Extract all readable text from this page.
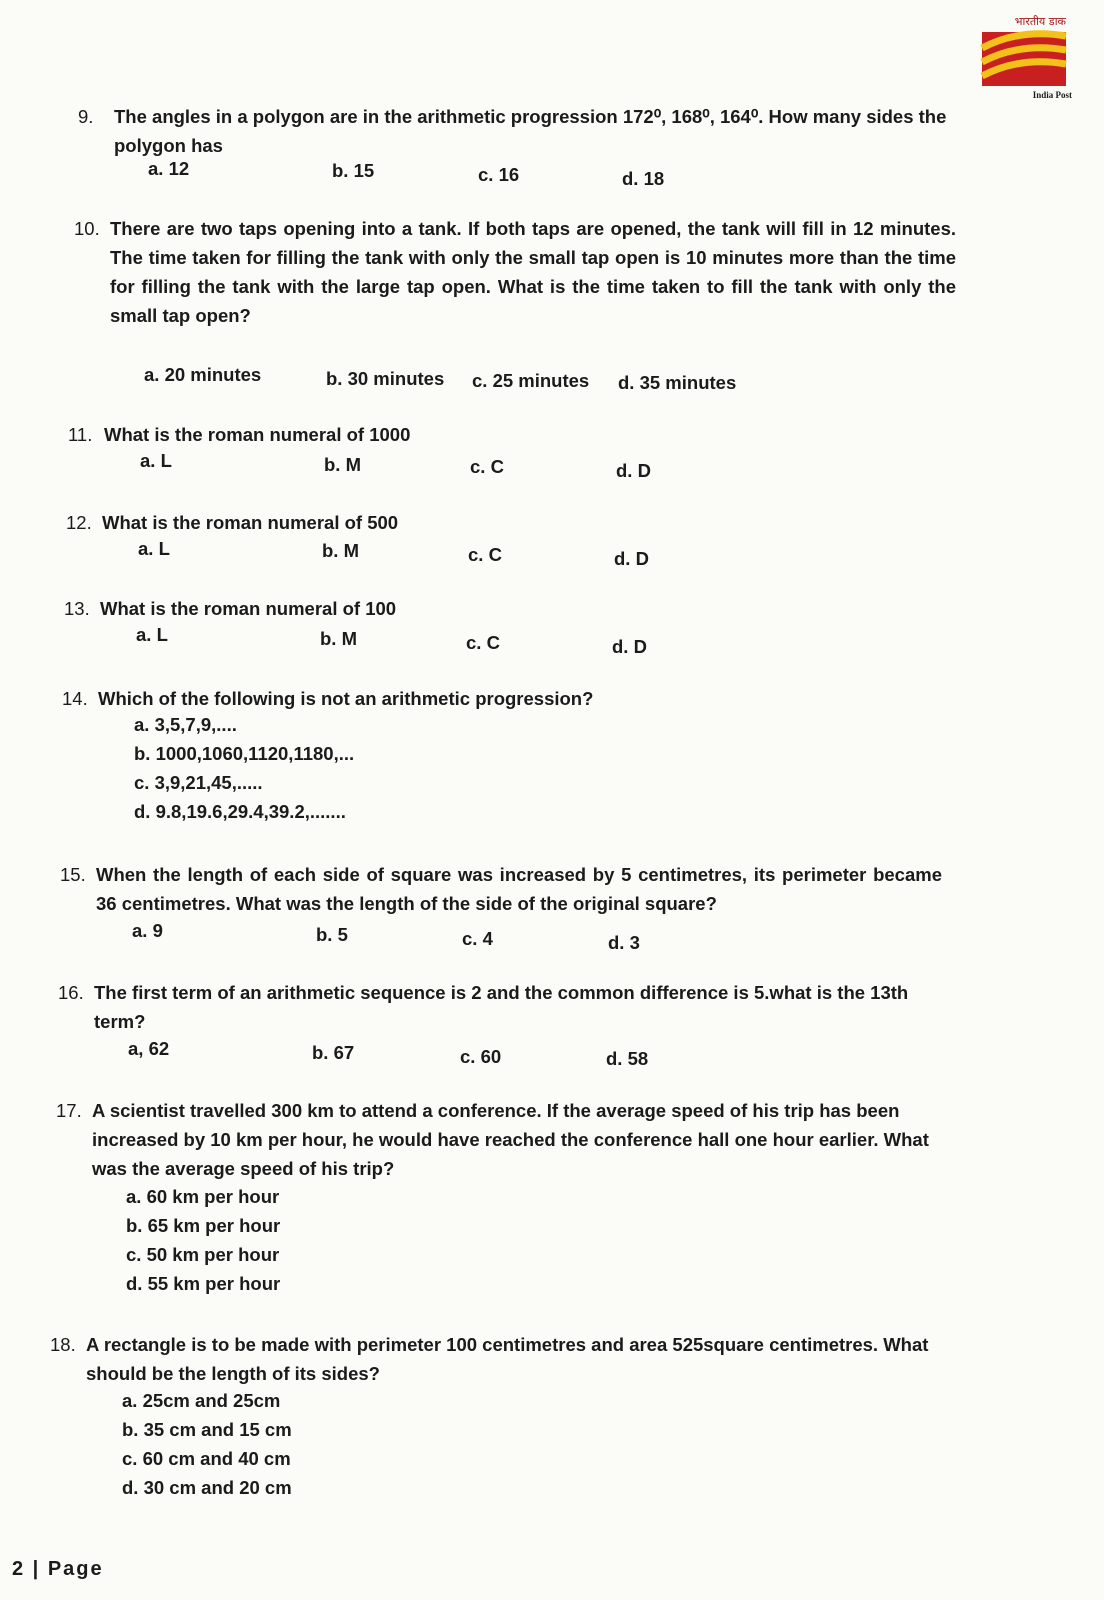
भारतीय डाक
India Post
9. The angles in a polygon are in the arithmetic progression 172⁰, 168⁰, 164⁰. How many sides the polygon has
a. 12	b. 15	c. 16	d. 18
10. There are two taps opening into a tank. If both taps are opened, the tank will fill in 12 minutes. The time taken for filling the tank with only the small tap open is 10 minutes more than the time for filling the tank with the large tap open. What is the time taken to fill the tank with only the small tap open?
a. 20 minutes	b. 30 minutes c. 25 minutes d. 35 minutes
11. What is the roman numeral of 1000
a. L	b. M	c. C	d. D
12. What is the roman numeral of 500
a. L	b. M	c. C	d. D
13. What is the roman numeral of 100
a. L	b. M	c. C	d. D
14. Which of the following is not an arithmetic progression?
a. 3,5,7,9,....
b. 1000,1060,1120,1180,...
c. 3,9,21,45,.....
d. 9.8,19.6,29.4,39.2,.......
15. When the length of each side of square was increased by 5 centimetres, its perimeter became 36 centimetres. What was the length of the side of the original square?
a. 9	b. 5	c. 4	d. 3
16. The first term of an arithmetic sequence is 2 and the common difference is 5.what is the 13th term?
a, 62	b. 67	c. 60	d. 58
17. A scientist travelled 300 km to attend a conference. If the average speed of his trip has been increased by 10 km per hour, he would have reached the conference hall one hour earlier. What was the average speed of his trip?
a. 60 km per hour
b. 65 km per hour
c. 50 km per hour
d. 55 km per hour
18. A rectangle is to be made with perimeter 100 centimetres and area 525square centimetres. What should be the length of its sides?
a. 25cm and 25cm
b. 35 cm and 15 cm
c. 60 cm and 40 cm
d. 30 cm and 20 cm
2 | Page
